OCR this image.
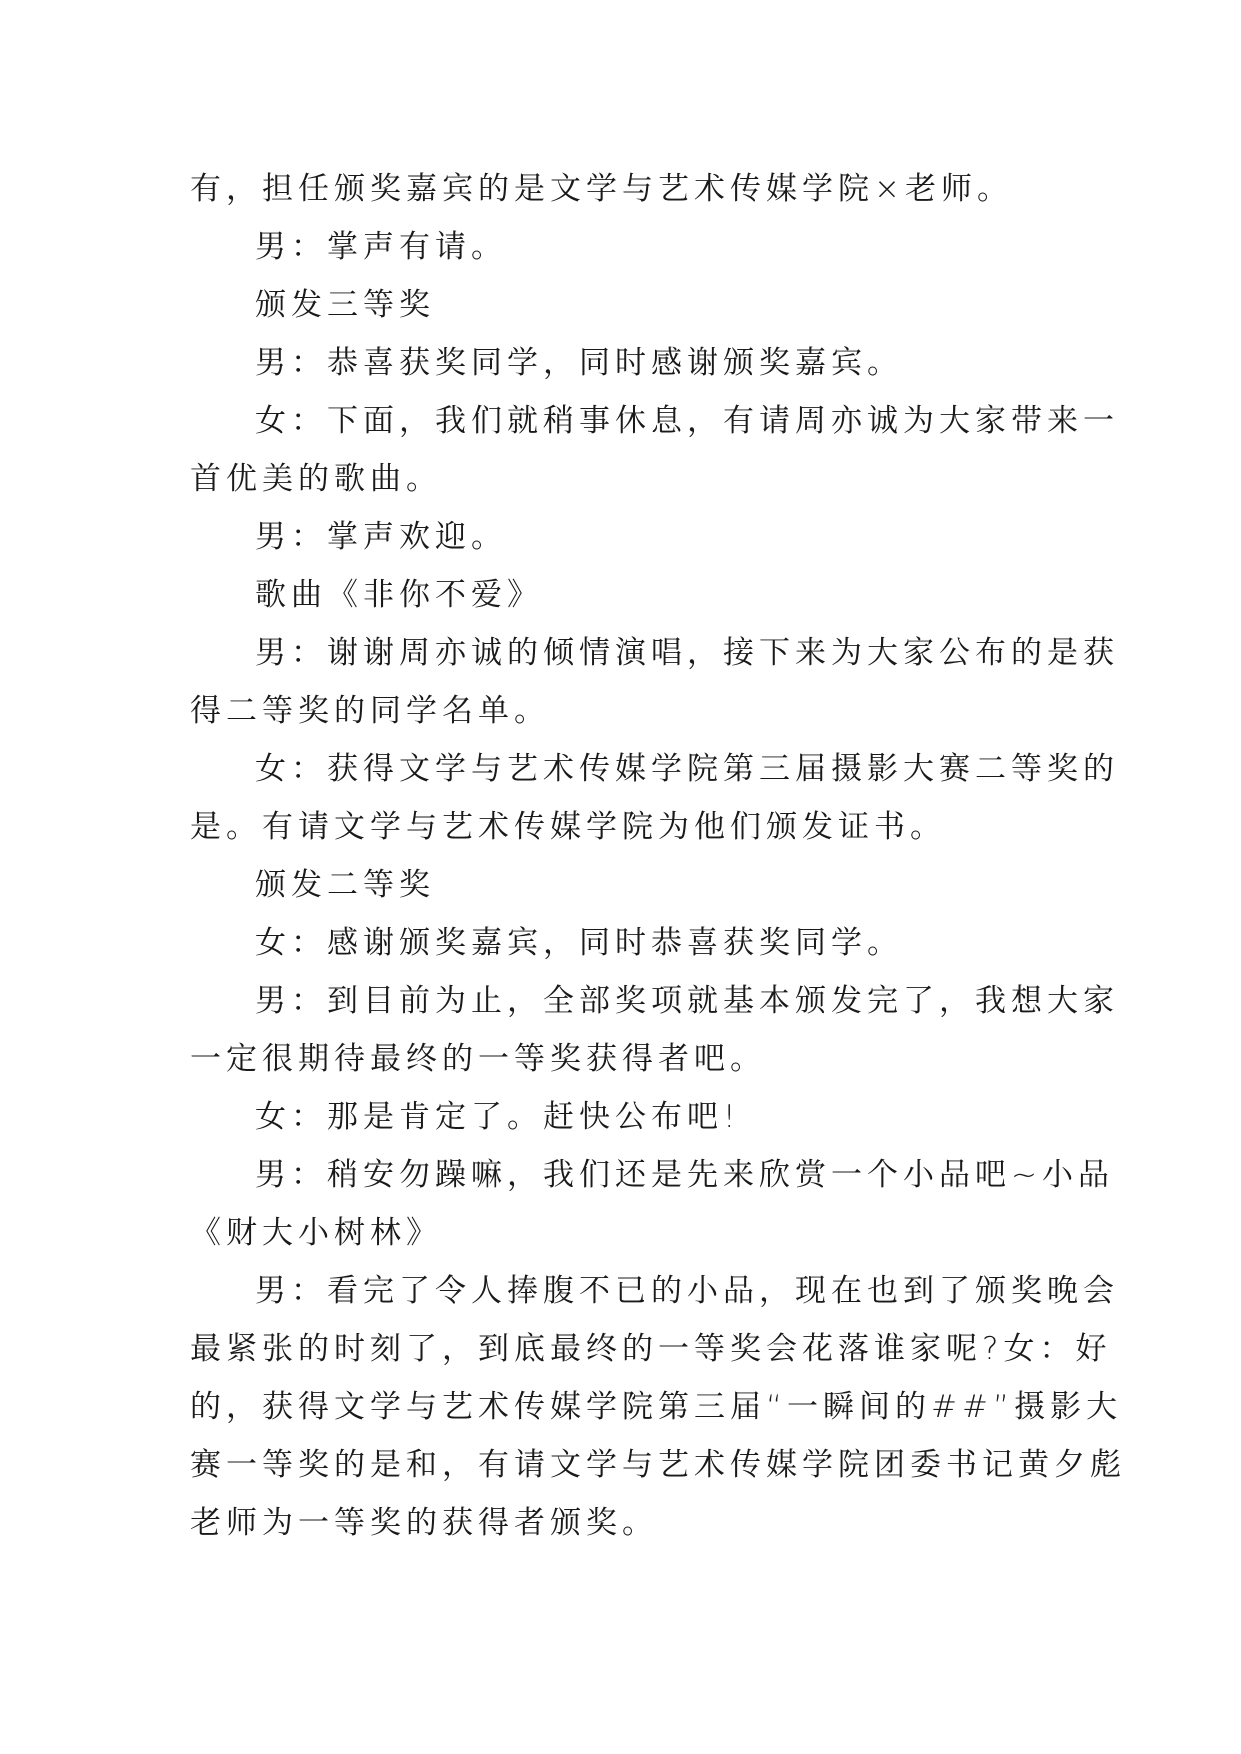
有，担任颁奖嘉宾的是文学与艺术传媒学院×老师。
男：掌声有请。
颁发三等奖
男：恭喜获奖同学，同时感谢颁奖嘉宾。
女：下面，我们就稍事休息，有请周亦诚为大家带来一
首优美的歌曲。
男：掌声欢迎。
歌曲《非你不爱》
男：谢谢周亦诚的倾情演唱，接下来为大家公布的是获
得二等奖的同学名单。
女：获得文学与艺术传媒学院第三届摄影大赛二等奖的
是。有请文学与艺术传媒学院为他们颁发证书。
颁发二等奖
女：感谢颁奖嘉宾，同时恭喜获奖同学。
男：到目前为止，全部奖项就基本颁发完了，我想大家
一定很期待最终的一等奖获得者吧。
女：那是肯定了。赶快公布吧!
男：稍安勿躁嘛，我们还是先来欣赏一个小品吧~小品
《财大小树林》
男：看完了令人捧腹不已的小品，现在也到了颁奖晚会
最紧张的时刻了，到底最终的一等奖会花落谁家呢?女：好
的，获得文学与艺术传媒学院第三届“一瞬间的##”摄影大
赛一等奖的是和，有请文学与艺术传媒学院团委书记黄夕彪
老师为一等奖的获得者颁奖。
